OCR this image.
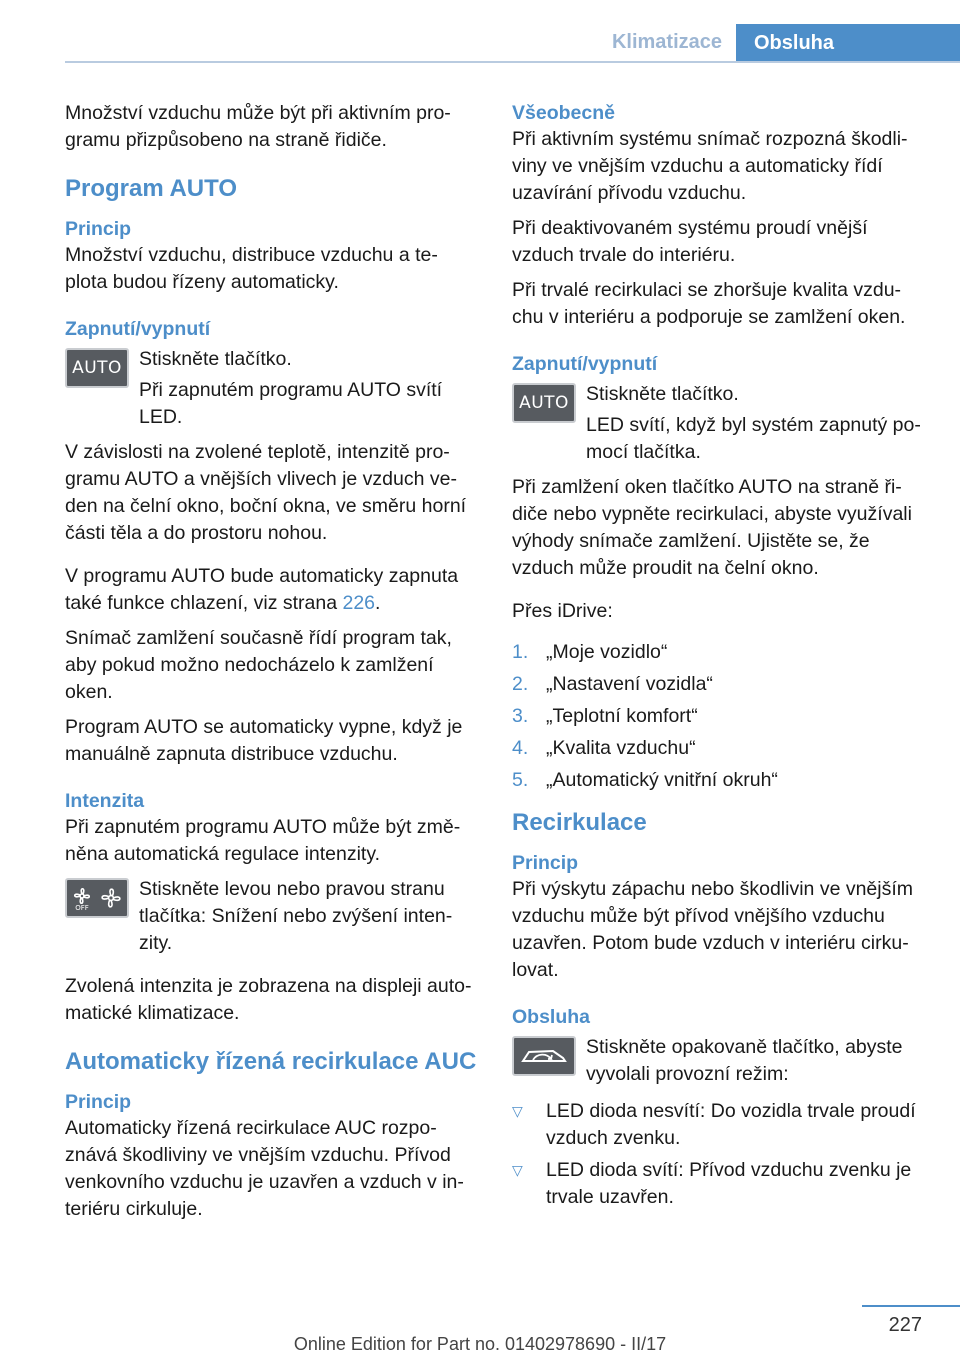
Klimatizace	Obsluha

Množství vzduchu může být při aktivním pro-gramu přizpůsobeno na straně řidiče.

Program AUTO
Princip

Množství vzduchu, distribuce vzduchu a te-plota budou řízeny automaticky.

Zapnutí/vypnutí
AUTO Stiskněte tlačítko.

Při zapnutém programu AUTO svítí LED.

V závislosti na zvolené teplotě, intenzitě pro-gramu AUTO a vnějších vlivech je vzduch ve-den na čelní okno, boční okna, ve směru horní části těla a do prostoru nohou.

V programu AUTO bude automaticky zapnuta také funkce chlazení, viz strana 226.

Snímač zamlžení současně řídí program tak, aby pokud možno nedocházelo k zamlžení oken.

Program AUTO se automaticky vypne, když je manuálně zapnuta distribuce vzduchu.

Intenzita

Při zapnutém programu AUTO může být změ-něna automatická regulace intenzity.

OFF

Stiskněte levou nebo pravou stranu tlačítka: Snížení nebo zvýšení inten-zity.

Zvolená intenzita je zobrazena na displeji auto-matické klimatizace.

Automaticky řízená recirkulace AUC
Princip

Automaticky řízená recirkulace AUC rozpo-znává škodliviny ve vnějším vzduchu. Přívod venkovního vzduchu je uzavřen a vzduch v in-teriéru cirkuluje.

Všeobecně

Při aktivním systému snímač rozpozná škodli-viny ve vnějším vzduchu a automaticky řídí uzavírání přívodu vzduchu.

Při deaktivovaném systému proudí vnější vzduch trvale do interiéru.

Při trvalé recirkulaci se zhoršuje kvalita vzdu-chu v interiéru a podporuje se zamlžení oken.

Zapnutí/vypnutí
AUTO Stiskněte tlačítko.

LED svítí, když byl systém zapnutý po-mocí tlačítka.

Při zamlžení oken tlačítko AUTO na straně ři-diče nebo vypněte recirkulaci, abyste využívali výhody snímače zamlžení. Ujistěte se, že vzduch může proudit na čelní okno.

Přes iDrive:

1. „Moje vozidlo“
2. „Nastavení vozidla“
3. „Teplotní komfort“
4. „Kvalita vzduchu“
5. „Automatický vnitřní okruh“
Recirkulace
Princip

Při výskytu zápachu nebo škodlivin ve vnějším vzduchu může být přívod vnějšího vzduchu uzavřen. Potom bude vzduch v interiéru cirku-lovat.

Obsluha

Stiskněte opakovaně tlačítko, abyste vyvolali provozní režim:

▽ LED dioda nesvítí: Do vozidla trvale proudí vzduch zvenku.
▽ LED dioda svítí: Přívod vzduchu zvenku je trvale uzavřen.
227
Online Edition for Part no. 01402978690 - II/17
